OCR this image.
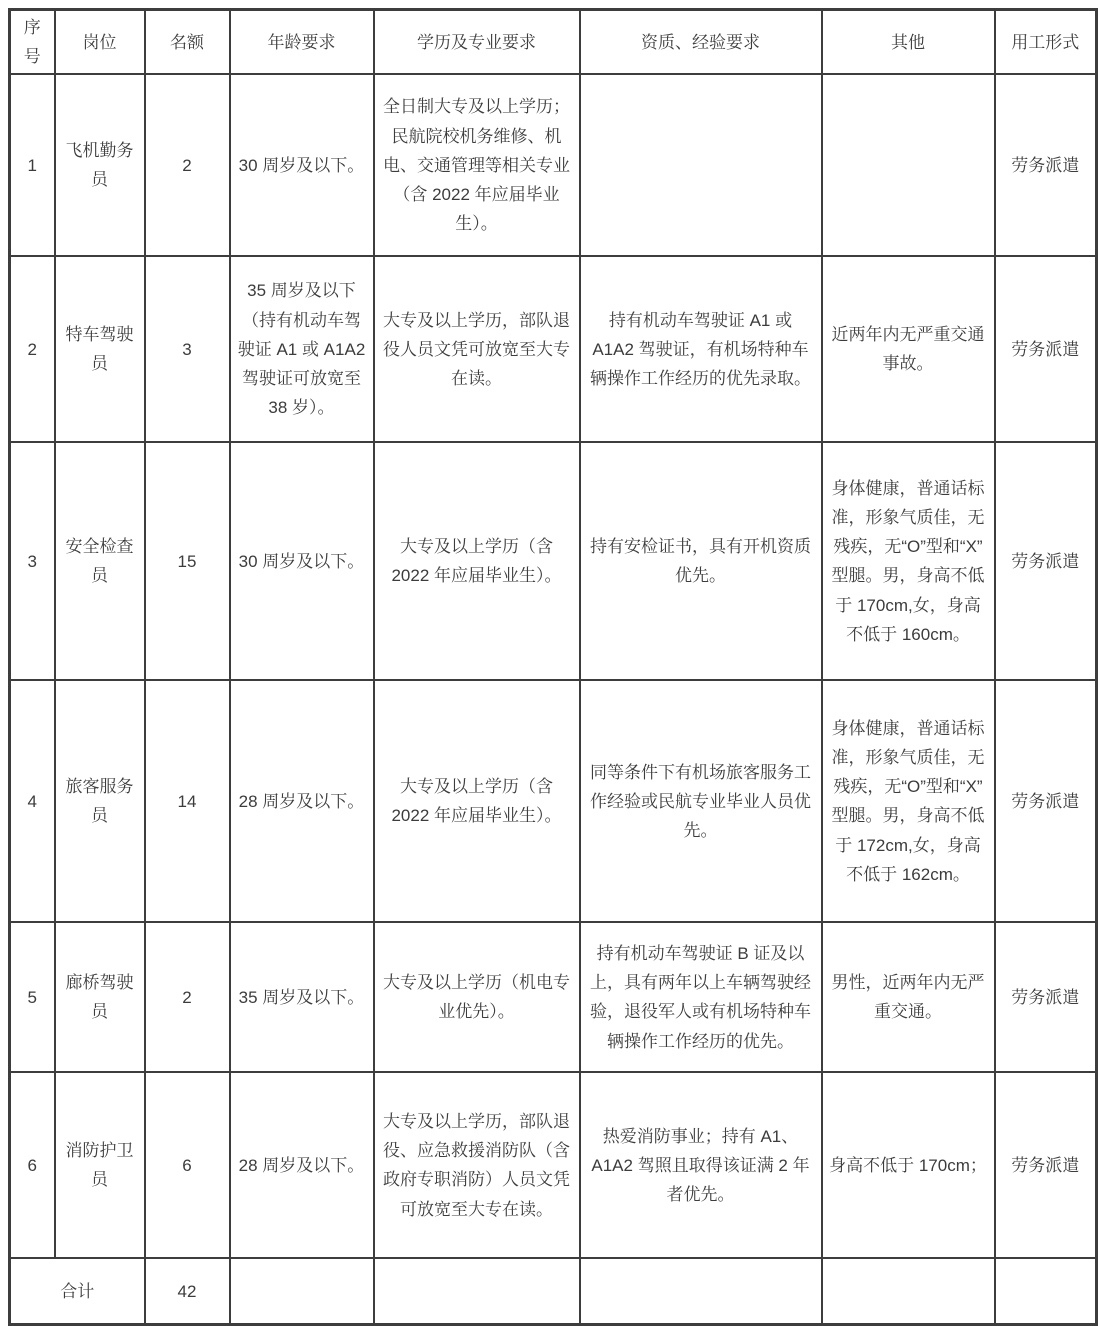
序号	岗位	名额	年龄要求	学历及专业要求	资质、经验要求	其他	用工形式
1	飞机勤务员	2	30 周岁及以下。	全日制大专及以上学历；民航院校机务维修、机电、交通管理等相关专业（含 2022 年应届毕业生）。			劳务派遣
2	特车驾驶员	3	35 周岁及以下（持有机动车驾驶证 A1 或 A1A2 驾驶证可放宽至 38 岁）。	大专及以上学历，部队退役人员文凭可放宽至大专在读。	持有机动车驾驶证 A1 或 A1A2 驾驶证，有机场特种车辆操作工作经历的优先录取。	近两年内无严重交通事故。	劳务派遣
3	安全检查员	15	30 周岁及以下。	大专及以上学历（含 2022 年应届毕业生）。	持有安检证书，具有开机资质优先。	身体健康，普通话标准，形象气质佳，无残疾，无“O”型和“X”型腿。男，身高不低于 170cm,女，身高不低于 160cm。	劳务派遣
4	旅客服务员	14	28 周岁及以下。	大专及以上学历（含 2022 年应届毕业生）。	同等条件下有机场旅客服务工作经验或民航专业毕业人员优先。	身体健康，普通话标准，形象气质佳，无残疾，无“O”型和“X”型腿。男，身高不低于 172cm,女，身高不低于 162cm。	劳务派遣
5	廊桥驾驶员	2	35 周岁及以下。	大专及以上学历（机电专业优先）。	持有机动车驾驶证 B 证及以上，具有两年以上车辆驾驶经验，退役军人或有机场特种车辆操作工作经历的优先。	男性，近两年内无严重交通。	劳务派遣
6	消防护卫员	6	28 周岁及以下。	大专及以上学历，部队退役、应急救援消防队（含政府专职消防）人员文凭可放宽至大专在读。	热爱消防事业；持有 A1、A1A2 驾照且取得该证满 2 年者优先。	身高不低于 170cm；	劳务派遣
合计		42					
